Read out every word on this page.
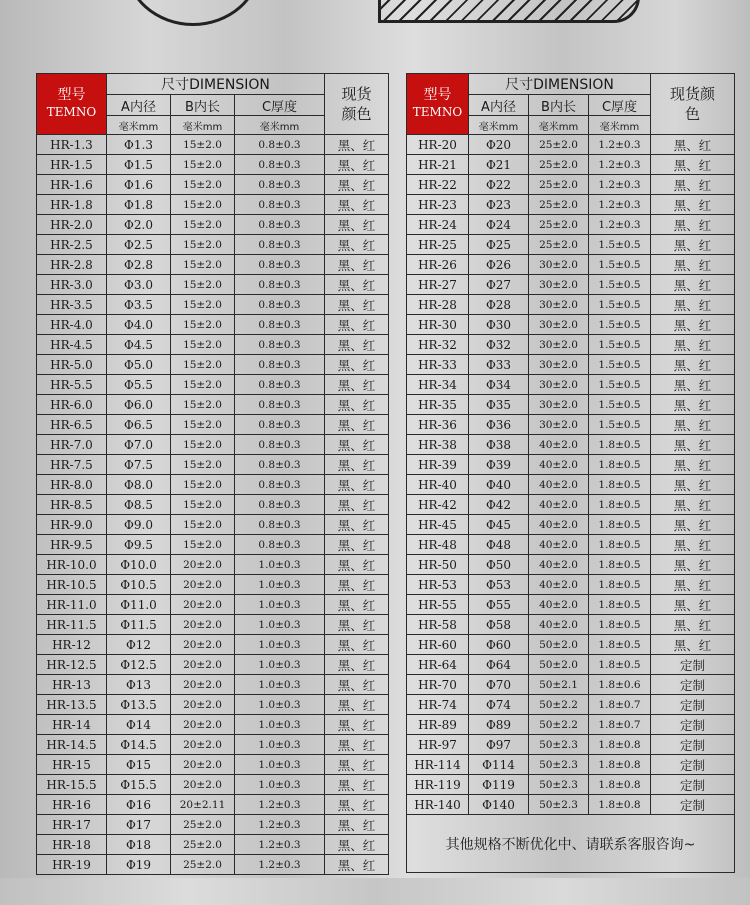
型号
TEMNO	尺寸DIMENSION			现货颜色
	A内径	B内长	C厚度	
	毫米mm	毫米mm	毫米mm	
HR-1.3	Φ1.3	15±2.0	0.8±0.3	黑、红
HR-1.5	Φ1.5	15±2.0	0.8±0.3	黑、红
HR-1.6	Φ1.6	15±2.0	0.8±0.3	黑、红
HR-1.8	Φ1.8	15±2.0	0.8±0.3	黑、红
HR-2.0	Φ2.0	15±2.0	0.8±0.3	黑、红
HR-2.5	Φ2.5	15±2.0	0.8±0.3	黑、红
HR-2.8	Φ2.8	15±2.0	0.8±0.3	黑、红
HR-3.0	Φ3.0	15±2.0	0.8±0.3	黑、红
HR-3.5	Φ3.5	15±2.0	0.8±0.3	黑、红
HR-4.0	Φ4.0	15±2.0	0.8±0.3	黑、红
HR-4.5	Φ4.5	15±2.0	0.8±0.3	黑、红
HR-5.0	Φ5.0	15±2.0	0.8±0.3	黑、红
HR-5.5	Φ5.5	15±2.0	0.8±0.3	黑、红
HR-6.0	Φ6.0	15±2.0	0.8±0.3	黑、红
HR-6.5	Φ6.5	15±2.0	0.8±0.3	黑、红
HR-7.0	Φ7.0	15±2.0	0.8±0.3	黑、红
HR-7.5	Φ7.5	15±2.0	0.8±0.3	黑、红
HR-8.0	Φ8.0	15±2.0	0.8±0.3	黑、红
HR-8.5	Φ8.5	15±2.0	0.8±0.3	黑、红
HR-9.0	Φ9.0	15±2.0	0.8±0.3	黑、红
HR-9.5	Φ9.5	15±2.0	0.8±0.3	黑、红
HR-10.0	Φ10.0	20±2.0	1.0±0.3	黑、红
HR-10.5	Φ10.5	20±2.0	1.0±0.3	黑、红
HR-11.0	Φ11.0	20±2.0	1.0±0.3	黑、红
HR-11.5	Φ11.5	20±2.0	1.0±0.3	黑、红
HR-12	Φ12	20±2.0	1.0±0.3	黑、红
HR-12.5	Φ12.5	20±2.0	1.0±0.3	黑、红
HR-13	Φ13	20±2.0	1.0±0.3	黑、红
HR-13.5	Φ13.5	20±2.0	1.0±0.3	黑、红
HR-14	Φ14	20±2.0	1.0±0.3	黑、红
HR-14.5	Φ14.5	20±2.0	1.0±0.3	黑、红
HR-15	Φ15	20±2.0	1.0±0.3	黑、红
HR-15.5	Φ15.5	20±2.0	1.0±0.3	黑、红
HR-16	Φ16	20±2.11	1.2±0.3	黑、红
HR-17	Φ17	25±2.0	1.2±0.3	黑、红
HR-18	Φ18	25±2.0	1.2±0.3	黑、红
HR-19	Φ19	25±2.0	1.2±0.3	黑、红
型号
TEMNO	尺寸DIMENSION			现货颜色
	A内径	B内长	C厚度	
	毫米mm	毫米mm	毫米mm	
HR-20	Φ20	25±2.0	1.2±0.3	黑、红
HR-21	Φ21	25±2.0	1.2±0.3	黑、红
HR-22	Φ22	25±2.0	1.2±0.3	黑、红
HR-23	Φ23	25±2.0	1.2±0.3	黑、红
HR-24	Φ24	25±2.0	1.2±0.3	黑、红
HR-25	Φ25	25±2.0	1.5±0.5	黑、红
HR-26	Φ26	30±2.0	1.5±0.5	黑、红
HR-27	Φ27	30±2.0	1.5±0.5	黑、红
HR-28	Φ28	30±2.0	1.5±0.5	黑、红
HR-30	Φ30	30±2.0	1.5±0.5	黑、红
HR-32	Φ32	30±2.0	1.5±0.5	黑、红
HR-33	Φ33	30±2.0	1.5±0.5	黑、红
HR-34	Φ34	30±2.0	1.5±0.5	黑、红
HR-35	Φ35	30±2.0	1.5±0.5	黑、红
HR-36	Φ36	30±2.0	1.5±0.5	黑、红
HR-38	Φ38	40±2.0	1.8±0.5	黑、红
HR-39	Φ39	40±2.0	1.8±0.5	黑、红
HR-40	Φ40	40±2.0	1.8±0.5	黑、红
HR-42	Φ42	40±2.0	1.8±0.5	黑、红
HR-45	Φ45	40±2.0	1.8±0.5	黑、红
HR-48	Φ48	40±2.0	1.8±0.5	黑、红
HR-50	Φ50	40±2.0	1.8±0.5	黑、红
HR-53	Φ53	40±2.0	1.8±0.5	黑、红
HR-55	Φ55	40±2.0	1.8±0.5	黑、红
HR-58	Φ58	40±2.0	1.8±0.5	黑、红
HR-60	Φ60	50±2.0	1.8±0.5	黑、红
HR-64	Φ64	50±2.0	1.8±0.5	定制
HR-70	Φ70	50±2.1	1.8±0.6	定制
HR-74	Φ74	50±2.2	1.8±0.7	定制
HR-89	Φ89	50±2.2	1.8±0.7	定制
HR-97	Φ97	50±2.3	1.8±0.8	定制
HR-114	Φ114	50±2.3	1.8±0.8	定制
HR-119	Φ119	50±2.3	1.8±0.8	定制
HR-140	Φ140	50±2.3	1.8±0.8	定制
其他规格不断优化中、请联系客服咨询~				
